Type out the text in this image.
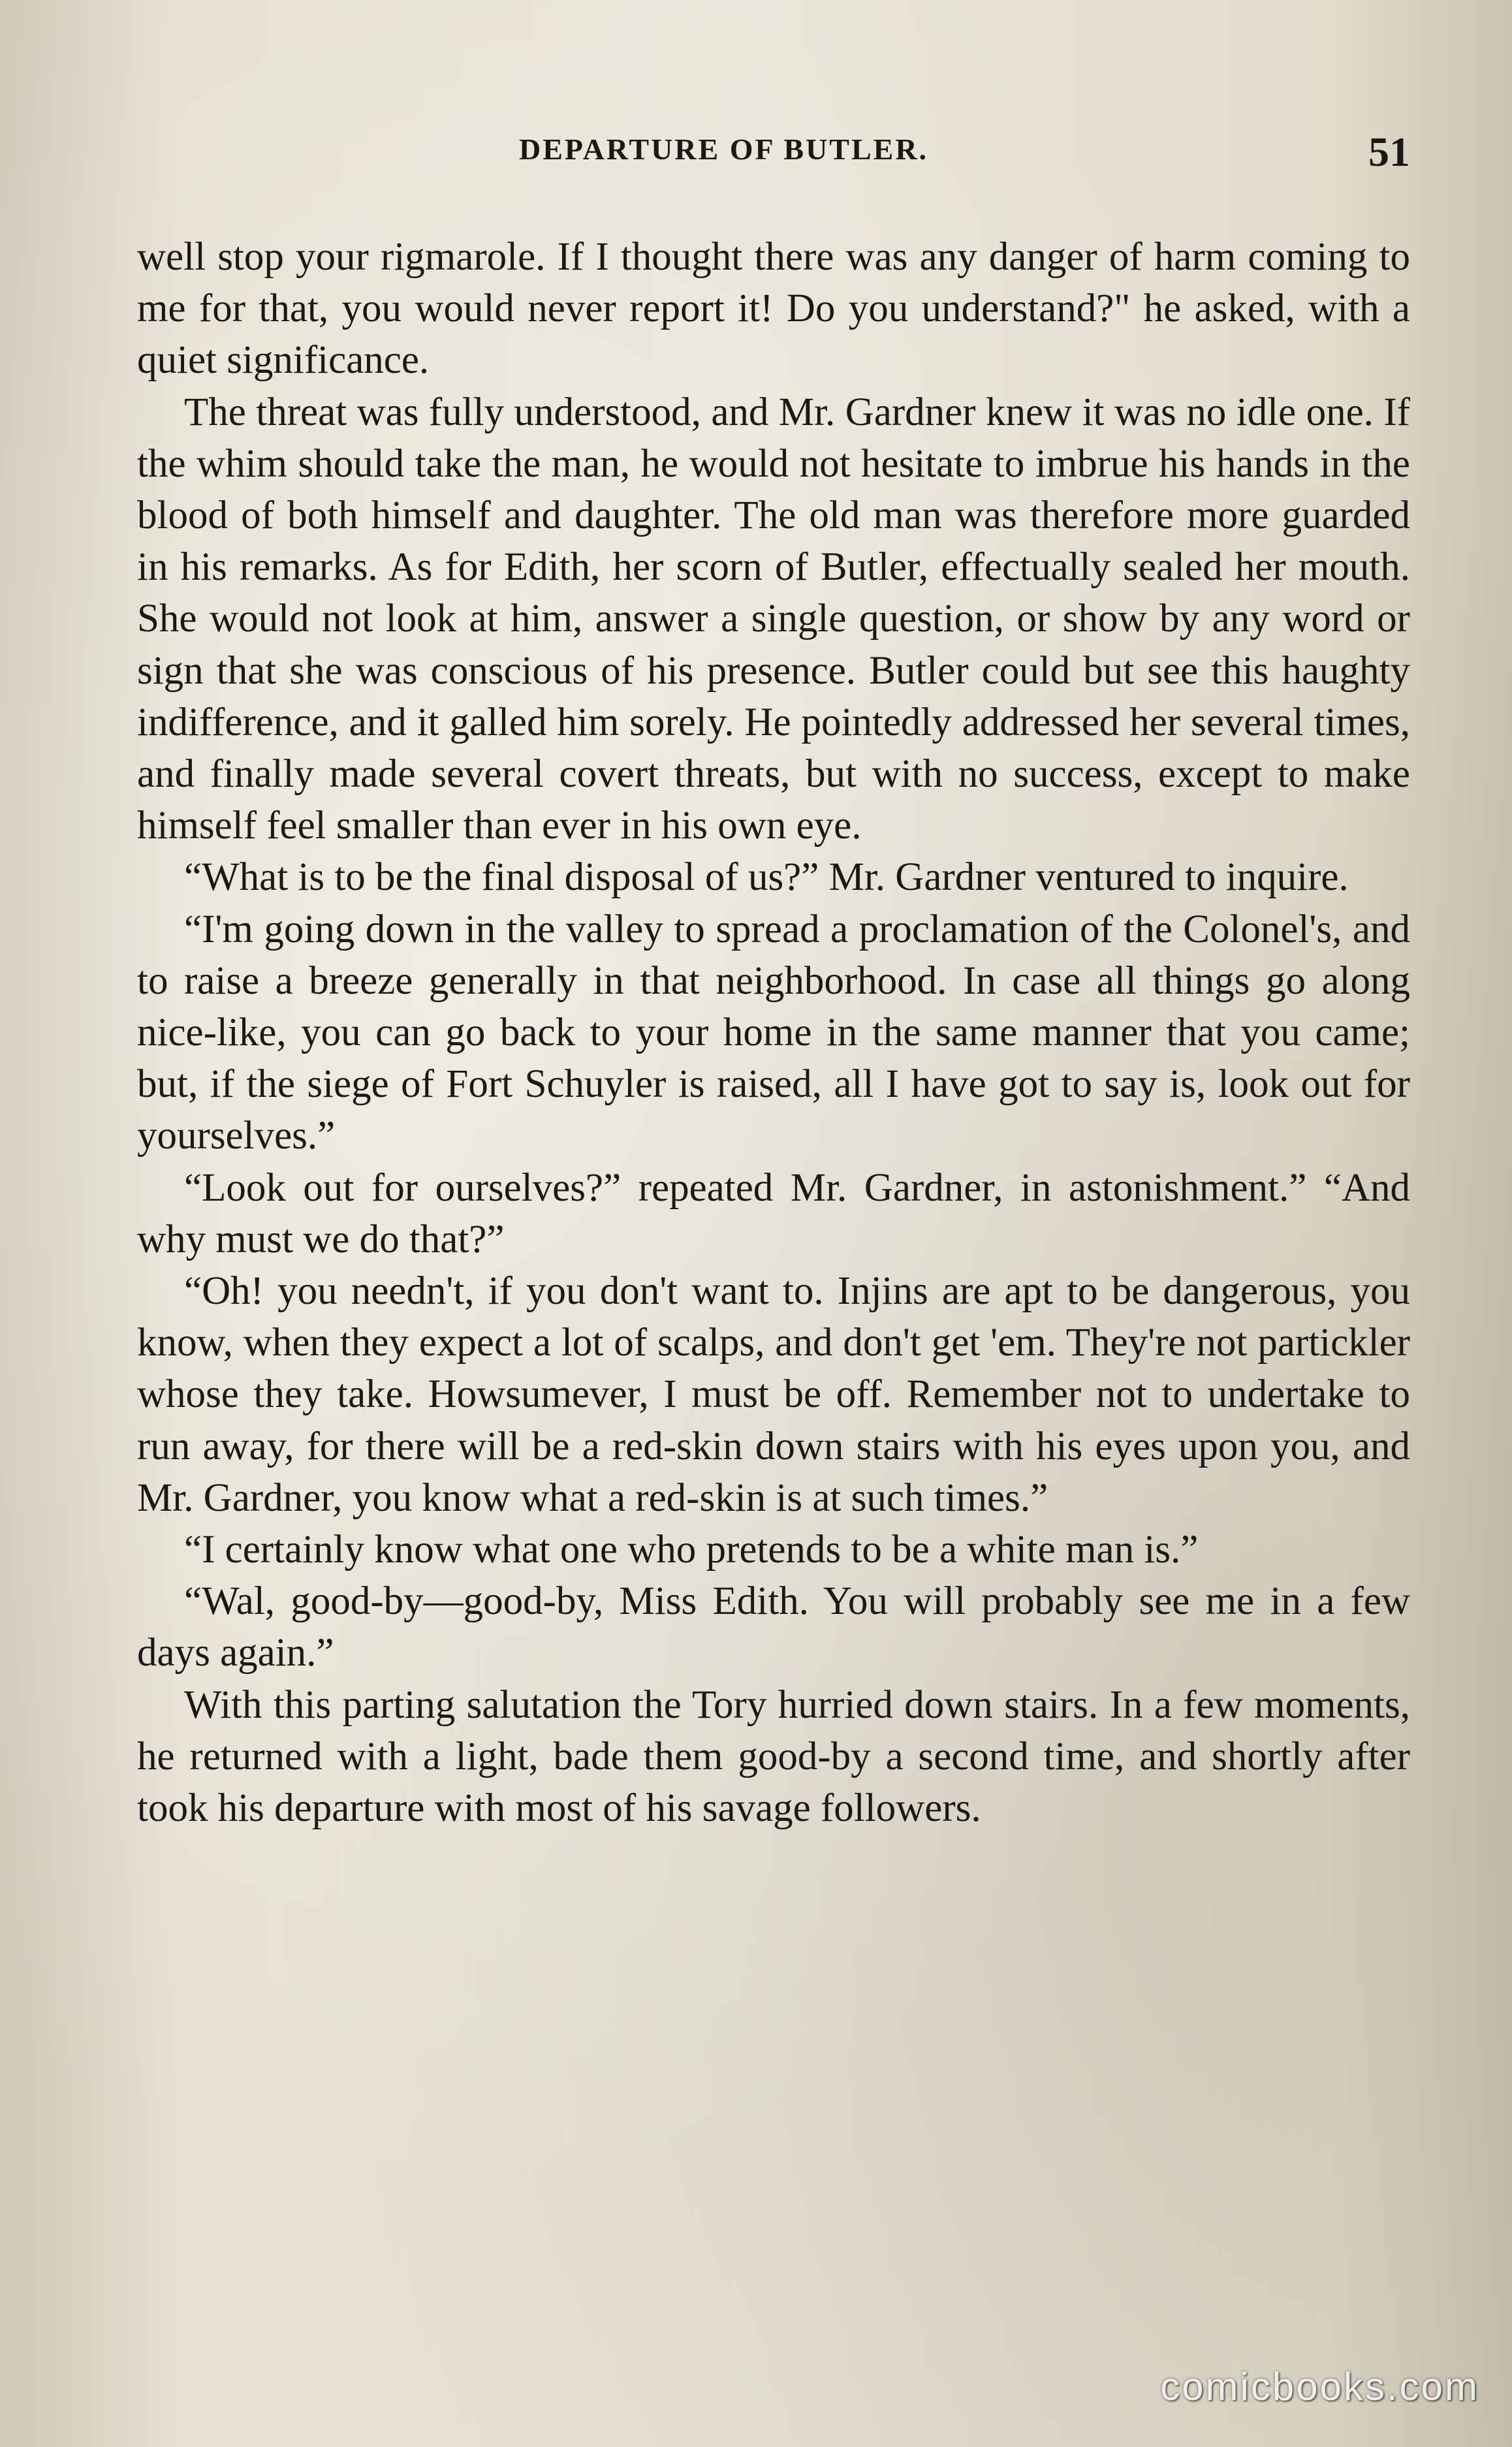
DEPARTURE OF BUTLER.	51

well stop your rigmarole. If I thought there was any danger of harm coming to me for that, you would never report it! Do you understand?" he asked, with a quiet significance.

The threat was fully understood, and Mr. Gardner knew it was no idle one. If the whim should take the man, he would not hesitate to imbrue his hands in the blood of both himself and daughter. The old man was therefore more guarded in his remarks. As for Edith, her scorn of Butler, effectually sealed her mouth. She would not look at him, answer a single question, or show by any word or sign that she was conscious of his presence. Butler could but see this haughty indifference, and it galled him sorely. He pointedly addressed her several times, and finally made several covert threats, but with no success, except to make himself feel smaller than ever in his own eye.

“What is to be the final disposal of us?” Mr. Gardner ventured to inquire.

“I'm going down in the valley to spread a proclamation of the Colonel's, and to raise a breeze generally in that neighborhood. In case all things go along nice-like, you can go back to your home in the same manner that you came; but, if the siege of Fort Schuyler is raised, all I have got to say is, look out for yourselves.”

“Look out for ourselves?” repeated Mr. Gardner, in astonishment.” “And why must we do that?”

“Oh! you needn't, if you don't want to. Injins are apt to be dangerous, you know, when they expect a lot of scalps, and don't get 'em. They're not partickler whose they take. Howsumever, I must be off. Remember not to undertake to run away, for there will be a red-skin down stairs with his eyes upon you, and Mr. Gardner, you know what a red-skin is at such times.”

“I certainly know what one who pretends to be a white man is.”

“Wal, good-by—good-by, Miss Edith. You will probably see me in a few days again.”

With this parting salutation the Tory hurried down stairs. In a few moments, he returned with a light, bade them good-by a second time, and shortly after took his departure with most of his savage followers.

comicbooks.com
